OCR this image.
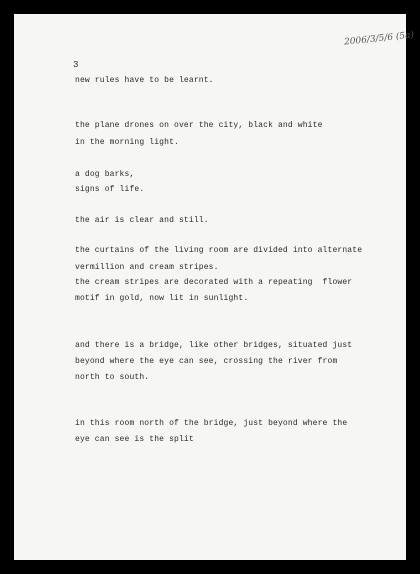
2006/3/5/6 (5a)
3
new rules have to be learnt.
the plane drones on over the city, black and white
in the morning light.
a dog barks,
signs of life.
the air is clear and still.
the curtains of the living room are divided into alternate
vermillion and cream stripes.
the cream stripes are decorated with a repeating  flower
motif in gold, now lit in sunlight.
and there is a bridge, like other bridges, situated just
beyond where the eye can see, crossing the river from
north to south.
in this room north of the bridge, just beyond where the
eye can see is the split
